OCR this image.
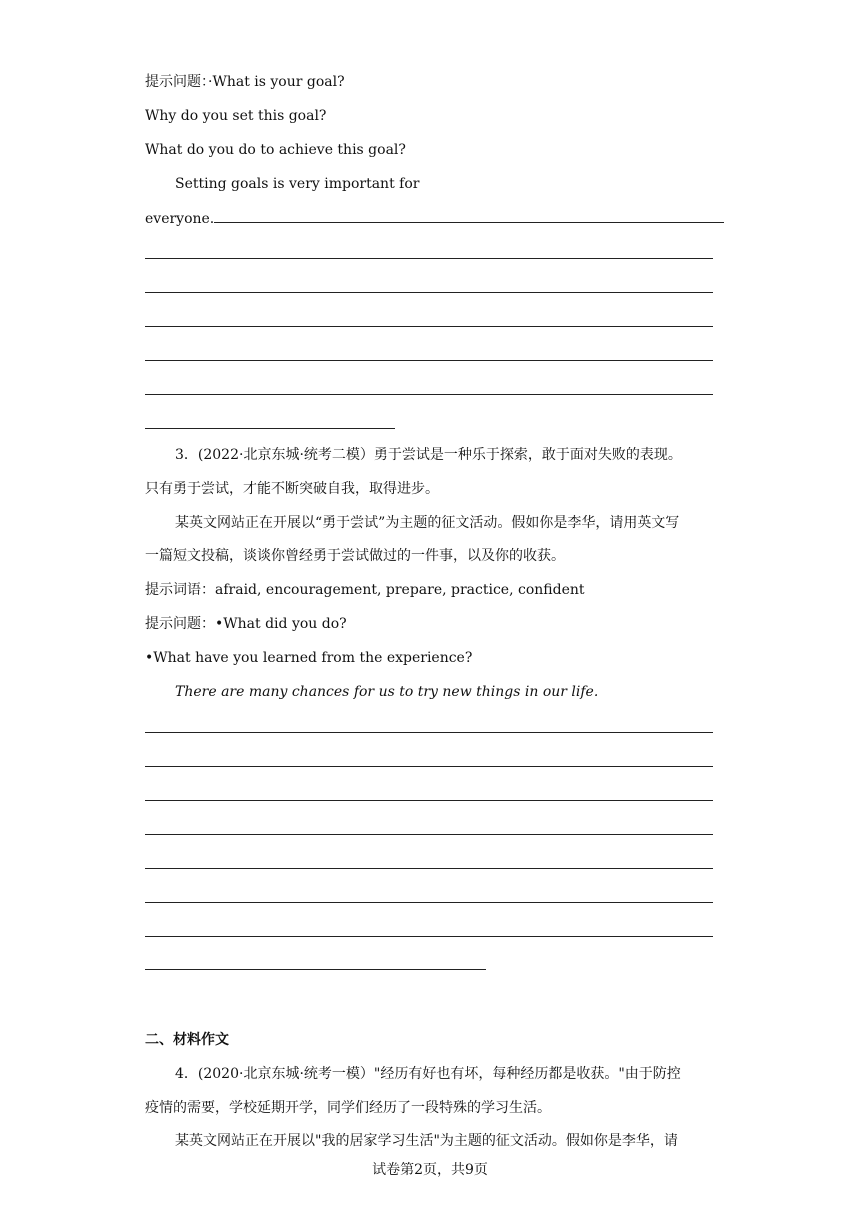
提示问题：·What is your goal?
Why do you set this goal?
What do you do to achieve this goal?
Setting goals is very important for
everyone.
3．(2022·北京东城·统考二模）勇于尝试是一种乐于探索，敢于面对失败的表现。
只有勇于尝试，才能不断突破自我，取得进步。
某英文网站正在开展以“勇于尝试”为主题的征文活动。假如你是李华，请用英文写
一篇短文投稿，谈谈你曾经勇于尝试做过的一件事，以及你的收获。
提示词语：afraid, encouragement, prepare, practice, confident
提示问题：•What did you do?
•What have you learned from the experience?
There are many chances for us to try new things in our life.
二、材料作文
4．(2020·北京东城·统考一模）"经历有好也有坏，每种经历都是收获。"由于防控
疫情的需要，学校延期开学，同学们经历了一段特殊的学习生活。
某英文网站正在开展以"我的居家学习生活"为主题的征文活动。假如你是李华，请
试卷第2页，共9页
